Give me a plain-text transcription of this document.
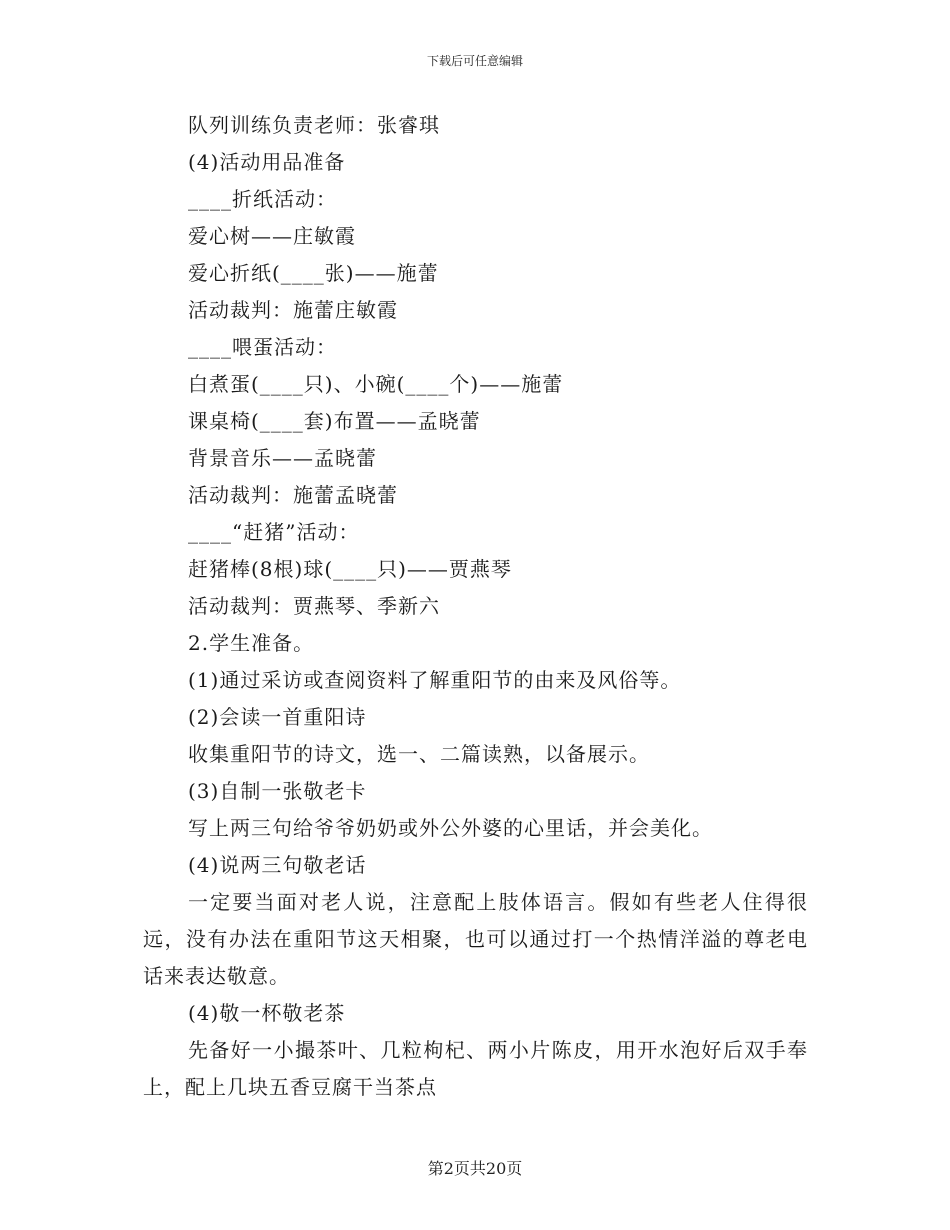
下载后可任意编辑
队列训练负责老师：张睿琪
(4)活动用品准备
____折纸活动：
爱心树——庄敏霞
爱心折纸(____张)——施蕾
活动裁判：施蕾庄敏霞
____喂蛋活动：
白煮蛋(____只)、小碗(____个)——施蕾
课桌椅(____套)布置——孟晓蕾
背景音乐——孟晓蕾
活动裁判：施蕾孟晓蕾
____“赶猪”活动：
赶猪棒(8根)球(____只)——贾燕琴
活动裁判：贾燕琴、季新六
2.学生准备。
(1)通过采访或查阅资料了解重阳节的由来及风俗等。
(2)会读一首重阳诗
收集重阳节的诗文，选一、二篇读熟，以备展示。
(3)自制一张敬老卡
写上两三句给爷爷奶奶或外公外婆的心里话，并会美化。
(4)说两三句敬老话
一定要当面对老人说，注意配上肢体语言。假如有些老人住得很远，没有办法在重阳节这天相聚，也可以通过打一个热情洋溢的尊老电话来表达敬意。
(4)敬一杯敬老茶
先备好一小撮茶叶、几粒枸杞、两小片陈皮，用开水泡好后双手奉上，配上几块五香豆腐干当茶点
第2页共20页
